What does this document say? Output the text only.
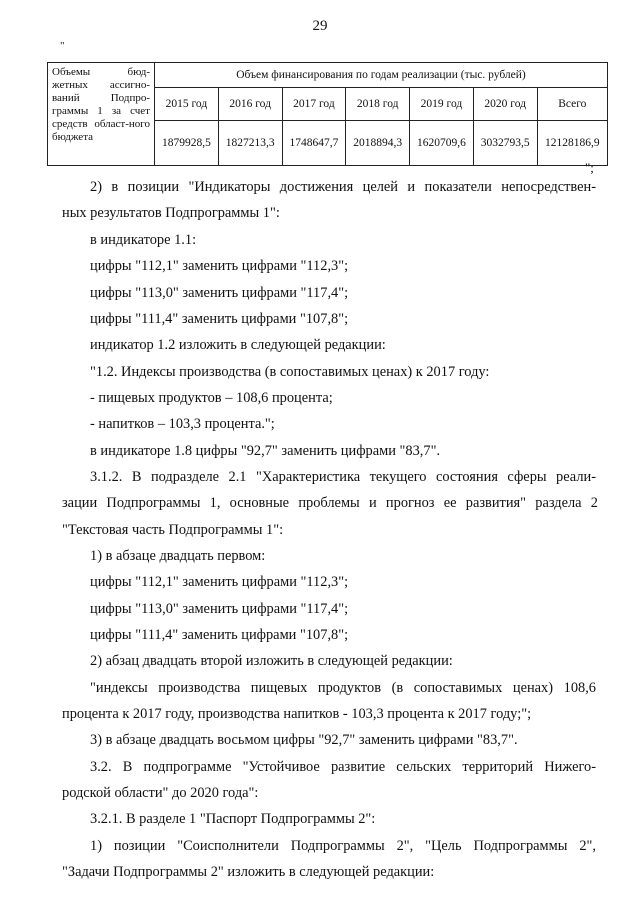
29
"
Объемы бюд-жетных ассигно-ваний Подпро-граммы 1 за счет средств област-ного бюджета	Объем финансирования по годам реализации (тыс. рублей)						
	2015 год	2016 год	2017 год	2018 год	2019 год	2020 год	Всего
	1879928,5	1827213,3	1748647,7	2018894,3	1620709,6	3032793,5	12128186,9
";
2) в позиции "Индикаторы достижения целей и показатели непосредствен-
ных результатов Подпрограммы 1":
в индикаторе 1.1:
цифры "112,1" заменить цифрами "112,3";
цифры "113,0" заменить цифрами "117,4";
цифры "111,4" заменить цифрами "107,8";
индикатор 1.2 изложить в следующей редакции:
"1.2. Индексы производства (в сопоставимых ценах) к 2017 году:
- пищевых продуктов – 108,6 процента;
- напитков – 103,3 процента.";
в индикаторе 1.8 цифры "92,7" заменить цифрами "83,7".
3.1.2. В подразделе 2.1 "Характеристика текущего состояния сферы реали-
зации Подпрограммы 1, основные проблемы и прогноз ее развития" раздела 2
"Текстовая часть Подпрограммы 1":
1) в абзаце двадцать первом:
цифры "112,1" заменить цифрами "112,3";
цифры "113,0" заменить цифрами "117,4";
цифры "111,4" заменить цифрами "107,8";
2) абзац двадцать второй изложить в следующей редакции:
"индексы производства пищевых продуктов (в сопоставимых ценах) 108,6
процента к 2017 году, производства напитков - 103,3 процента к 2017 году;";
3) в абзаце двадцать восьмом цифры "92,7" заменить цифрами "83,7".
3.2. В подпрограмме "Устойчивое развитие сельских территорий Нижего-
родской области" до 2020 года":
3.2.1. В разделе 1 "Паспорт Подпрограммы 2":
1) позиции "Соисполнители Подпрограммы 2", "Цель Подпрограммы 2",
"Задачи Подпрограммы 2" изложить в следующей редакции:
